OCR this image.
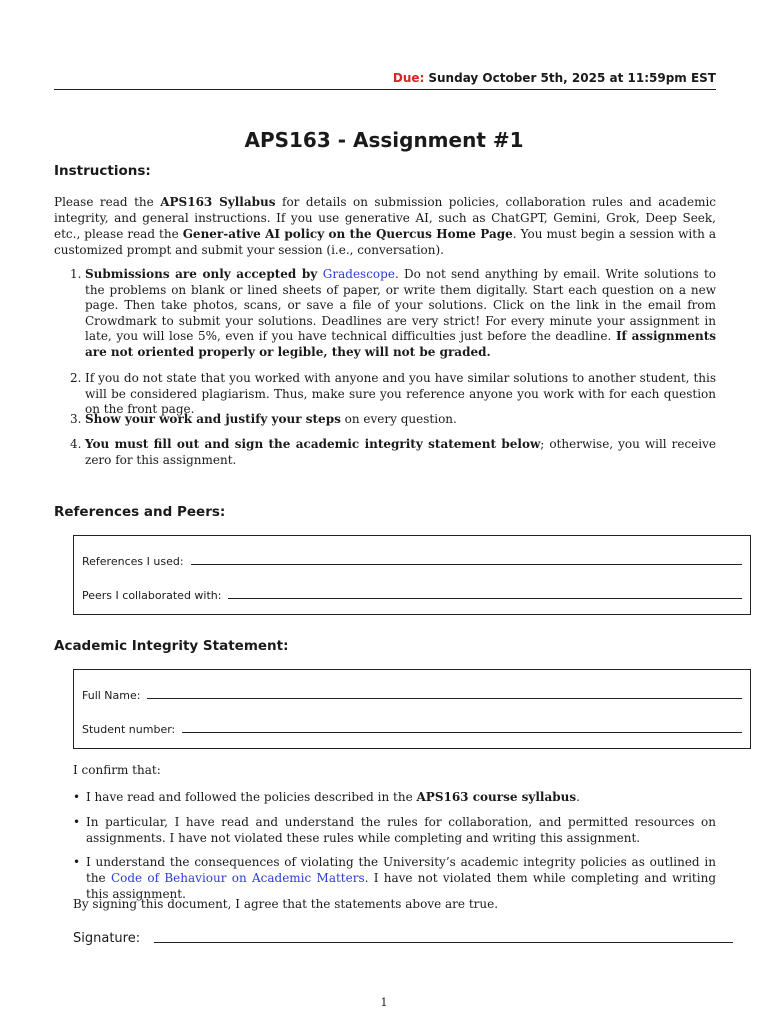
Due: Sunday October 5th, 2025 at 11:59pm EST
APS163 - Assignment #1
Instructions:
Please read the APS163 Syllabus for details on submission policies, collaboration rules and academic integrity, and general instructions. If you use generative AI, such as ChatGPT, Gemini, Grok, Deep Seek, etc., please read the Gener-ative AI policy on the Quercus Home Page. You must begin a session with a customized prompt and submit your session (i.e., conversation).
1. Submissions are only accepted by Gradescope. Do not send anything by email. Write solutions to the problems on blank or lined sheets of paper, or write them digitally. Start each question on a new page. Then take photos, scans, or save a file of your solutions. Click on the link in the email from Crowdmark to submit your solutions. Deadlines are very strict! For every minute your assignment in late, you will lose 5%, even if you have technical difficulties just before the deadline. If assignments are not oriented properly or legible, they will not be graded.
2. If you do not state that you worked with anyone and you have similar solutions to another student, this will be considered plagiarism. Thus, make sure you reference anyone you work with for each question on the front page.
3. Show your work and justify your steps on every question.
4. You must fill out and sign the academic integrity statement below; otherwise, you will receive zero for this assignment.
References and Peers:
References I used:
Peers I collaborated with:
Academic Integrity Statement:
Full Name:
Student number:
I confirm that:
• I have read and followed the policies described in the APS163 course syllabus.
• In particular, I have read and understand the rules for collaboration, and permitted resources on assignments. I have not violated these rules while completing and writing this assignment.
• I understand the consequences of violating the University’s academic integrity policies as outlined in the Code of Behaviour on Academic Matters. I have not violated them while completing and writing this assignment.
By signing this document, I agree that the statements above are true.
Signature:
1
